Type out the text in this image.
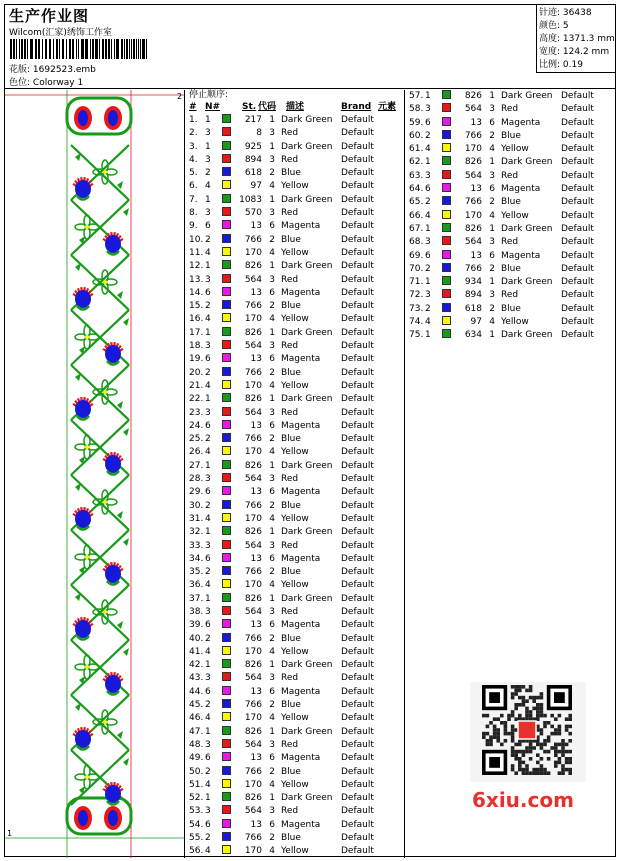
生产作业图
Wilcom(汇家)绣饰工作室
花版: 1692523.emb
色位: Colorway 1
针迹: 36438
颜色: 5
高度: 1371.3 mm
宽度: 124.2 mm
比例: 0.19
2
1
停止顺序:
# N# St. 代码 描述	Brand 元素
1. 1	217 1 Dark Green Default
2. 3	8 3 Red	Default
3. 1	925 1 Dark Green Default
4. 3	894 3 Red	Default
5. 2	618 2 Blue	Default
6. 4	97 4 Yellow	Default
7. 1	1083 1 Dark Green Default
8. 3	570 3 Red	Default
9. 6	13 6 Magenta Default
10. 2	766 2 Blue	Default
11. 4	170 4 Yellow	Default
12. 1	826 1 Dark Green Default
13. 3	564 3 Red	Default
14. 6	13 6 Magenta Default
15. 2	766 2 Blue	Default
16. 4	170 4 Yellow	Default
17. 1	826 1 Dark Green Default
18. 3	564 3 Red	Default
19. 6	13 6 Magenta Default
20. 2	766 2 Blue	Default
21. 4	170 4 Yellow	Default
22. 1	826 1 Dark Green Default
23. 3	564 3 Red	Default
24. 6	13 6 Magenta Default
25. 2	766 2 Blue	Default
26. 4	170 4 Yellow	Default
27. 1	826 1 Dark Green Default
28. 3	564 3 Red	Default
29. 6	13 6 Magenta Default
30. 2	766 2 Blue	Default
31. 4	170 4 Yellow	Default
32. 1	826 1 Dark Green Default
33. 3	564 3 Red	Default
34. 6	13 6 Magenta Default
35. 2	766 2 Blue	Default
36. 4	170 4 Yellow	Default
37. 1	826 1 Dark Green Default
38. 3	564 3 Red	Default
39. 6	13 6 Magenta Default
40. 2	766 2 Blue	Default
41. 4	170 4 Yellow	Default
42. 1	826 1 Dark Green Default
43. 3	564 3 Red	Default
44. 6	13 6 Magenta Default
45. 2	766 2 Blue	Default
46. 4	170 4 Yellow	Default
47. 1	826 1 Dark Green Default
48. 3	564 3 Red	Default
49. 6	13 6 Magenta Default
50. 2	766 2 Blue	Default
51. 4	170 4 Yellow	Default
52. 1	826 1 Dark Green Default
53. 3	564 3 Red	Default
54. 6	13 6 Magenta Default
55. 2	766 2 Blue	Default
56. 4	170 4 Yellow	Default
57. 1	826 1 Dark Green Default
58. 3	564 3 Red	Default
59. 6	13 6 Magenta Default
60. 2	766 2 Blue	Default
61. 4	170 4 Yellow	Default
62. 1	826 1 Dark Green Default
63. 3	564 3 Red	Default
64. 6	13 6 Magenta Default
65. 2	766 2 Blue	Default
66. 4	170 4 Yellow	Default
67. 1	826 1 Dark Green Default
68. 3	564 3 Red	Default
69. 6	13 6 Magenta Default
70. 2	766 2 Blue	Default
71. 1	934 1 Dark Green Default
72. 3	894 3 Red	Default
73. 2	618 2 Blue	Default
74. 4	97 4 Yellow	Default
75. 1	634 1 Dark Green Default
6xiu.com
